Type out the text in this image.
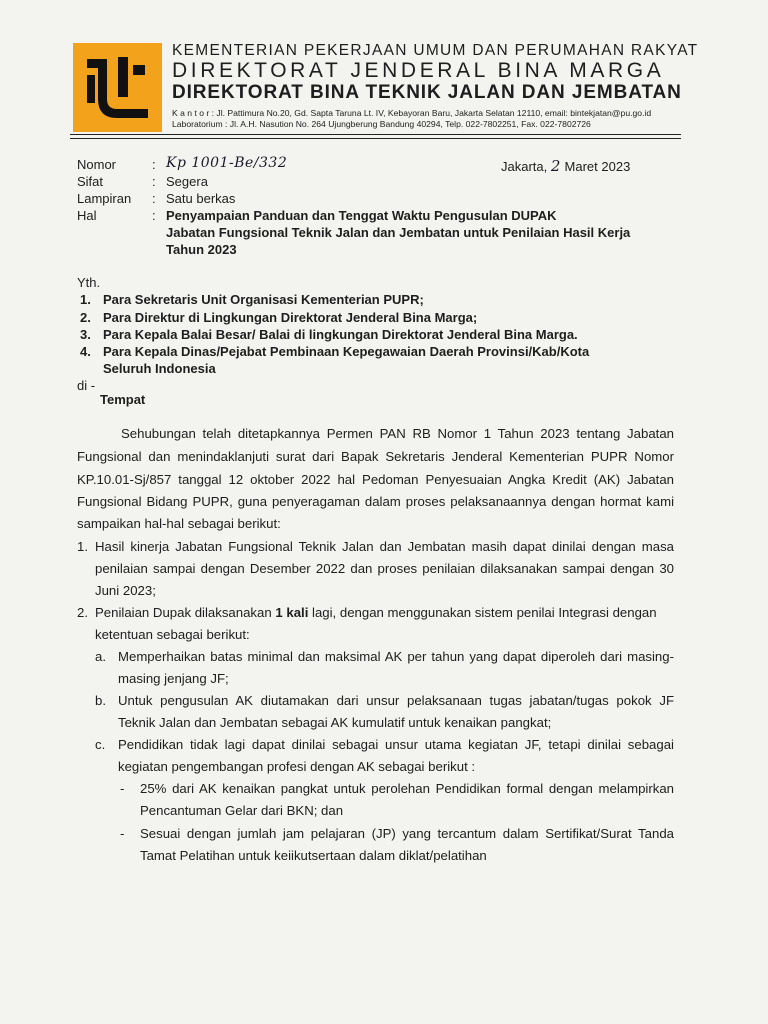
KEMENTERIAN PEKERJAAN UMUM DAN PERUMAHAN RAKYAT
DIREKTORAT JENDERAL BINA MARGA
DIREKTORAT BINA TEKNIK JALAN DAN JEMBATAN
K a n t o r : Jl. Pattimura No.20, Gd. Sapta Taruna Lt. IV, Kebayoran Baru, Jakarta Selatan 12110, email: bintekjatan@pu.go.id
Laboratorium : Jl. A.H. Nasution No. 264 Ujungberung Bandung 40294, Telp. 022-7802251, Fax. 022-7802726
Nomor	: Kp 1001-Be/332	Jakarta, 2 Maret 2023
Sifat	: Segera
Lampiran : Satu berkas
Hal	: Penyampaian Panduan dan Tenggat Waktu Pengusulan DUPAK
Jabatan Fungsional Teknik Jalan dan Jembatan untuk Penilaian Hasil Kerja
Tahun 2023
Yth.
1. Para Sekretaris Unit Organisasi Kementerian PUPR;
2. Para Direktur di Lingkungan Direktorat Jenderal Bina Marga;
3. Para Kepala Balai Besar/ Balai di lingkungan Direktorat Jenderal Bina Marga.
4. Para Kepala Dinas/Pejabat Pembinaan Kepegawaian Daerah Provinsi/Kab/Kota
Seluruh Indonesia
di -
Tempat
Sehubungan telah ditetapkannya Permen PAN RB Nomor 1 Tahun 2023 tentang Jabatan
Fungsional dan menindaklanjuti surat dari Bapak Sekretaris Jenderal Kementerian PUPR Nomor
KP.10.01-Sj/857 tanggal 12 oktober 2022 hal Pedoman Penyesuaian Angka Kredit (AK) Jabatan
Fungsional Bidang PUPR, guna penyeragaman dalam proses pelaksanaannya dengan hormat kami
sampaikan hal-hal sebagai berikut:
1. Hasil kinerja Jabatan Fungsional Teknik Jalan dan Jembatan masih dapat dinilai dengan masa
penilaian sampai dengan Desember 2022 dan proses penilaian dilaksanakan sampai dengan 30
Juni 2023;
2. Penilaian Dupak dilaksanakan 1 kali lagi, dengan menggunakan sistem penilai Integrasi dengan
ketentuan sebagai berikut:
a. Memperhaikan batas minimal dan maksimal AK per tahun yang dapat diperoleh dari masing-
masing jenjang JF;
b. Untuk pengusulan AK diutamakan dari unsur pelaksanaan tugas jabatan/tugas pokok JF
Teknik Jalan dan Jembatan sebagai AK kumulatif untuk kenaikan pangkat;
c. Pendidikan tidak lagi dapat dinilai sebagai unsur utama kegiatan JF, tetapi dinilai sebagai
kegiatan pengembangan profesi dengan AK sebagai berikut :
- 25% dari AK kenaikan pangkat untuk perolehan Pendidikan formal dengan melampirkan
Pencantuman Gelar dari BKN; dan
- Sesuai dengan jumlah jam pelajaran (JP) yang tercantum dalam Sertifikat/Surat Tanda
Tamat Pelatihan untuk keiikutsertaan dalam diklat/pelatihan
